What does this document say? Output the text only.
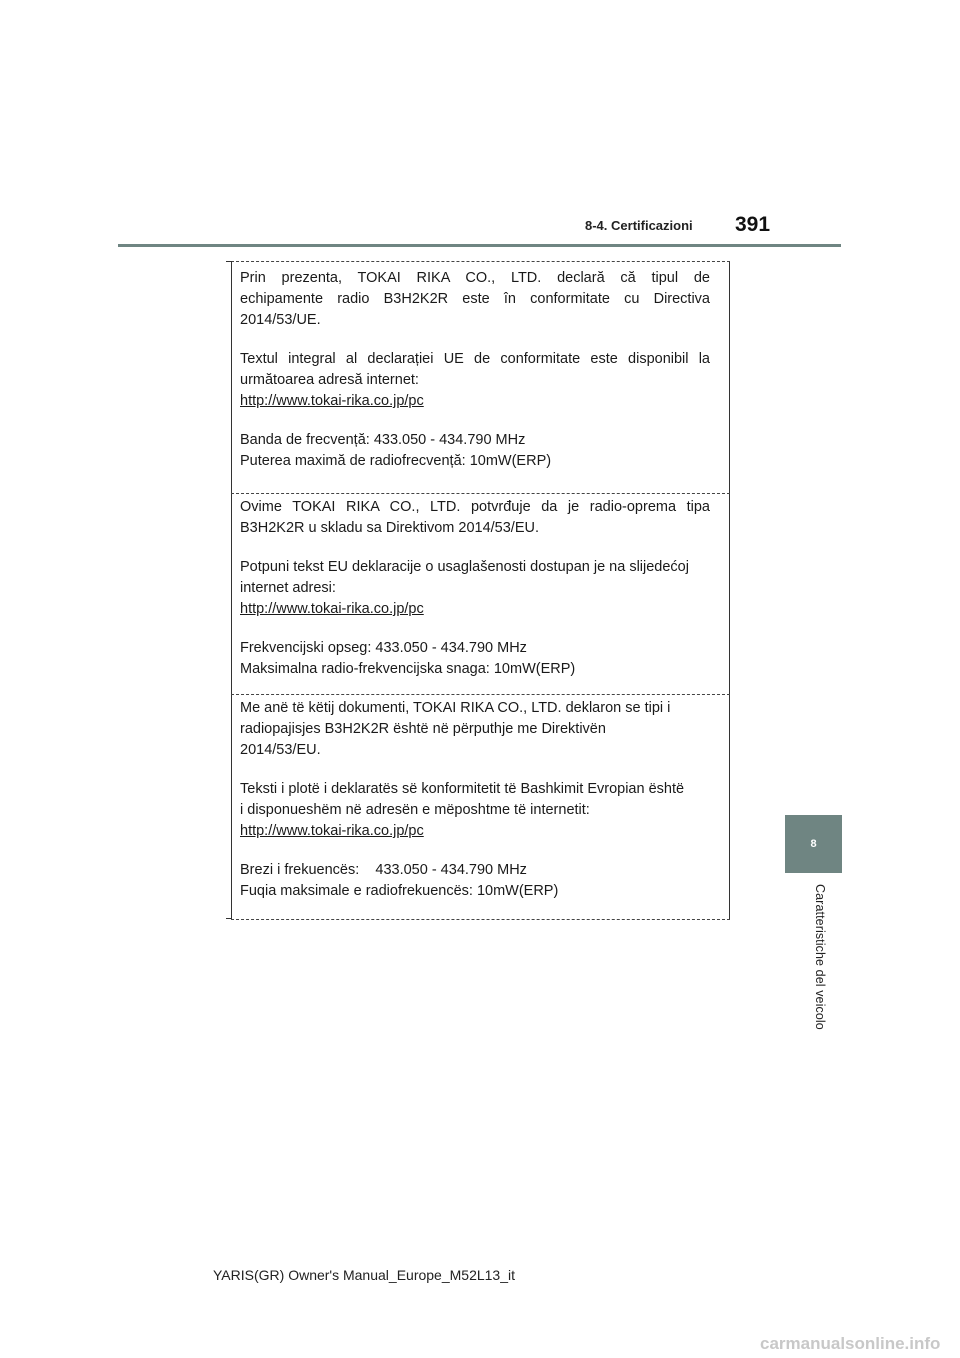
8-4. Certificazioni 391

Prin prezenta, TOKAI RIKA CO., LTD. declară că tipul de

echipamente radio B3H2K2R este în conformitate cu Directiva

2014/53/UE.

Textul integral al declarației UE de conformitate este disponibil la

următoarea adresă internet:

http://www.tokai-rika.co.jp/pc

Banda de frecvență: 433.050 - 434.790 MHz

Puterea maximă de radiofrecvență: 10mW(ERP)

Ovime TOKAI RIKA CO., LTD. potvrđuje da je radio-oprema tipa

B3H2K2R u skladu sa Direktivom 2014/53/EU.

Potpuni tekst EU deklaracije o usaglašenosti dostupan je na slijedećoj

internet adresi:

http://www.tokai-rika.co.jp/pc

Frekvencijski opseg: 433.050 - 434.790 MHz

Maksimalna radio-frekvencijska snaga: 10mW(ERP)

Me anë të këtij dokumenti, TOKAI RIKA CO., LTD. deklaron se tipi i

radiopajisjes B3H2K2R është në përputhje me Direktivën

2014/53/EU.

Teksti i plotë i deklaratës së konformitetit të Bashkimit Evropian është

i disponueshëm në adresën e mëposhtme të internetit:

http://www.tokai-rika.co.jp/pc

Brezi i frekuencës:    433.050 - 434.790 MHz

Fuqia maksimale e radiofrekuencës: 10mW(ERP)

8
Caratteristiche del veicolo
YARIS(GR) Owner's Manual_Europe_M52L13_it
carmanualsonline.info
